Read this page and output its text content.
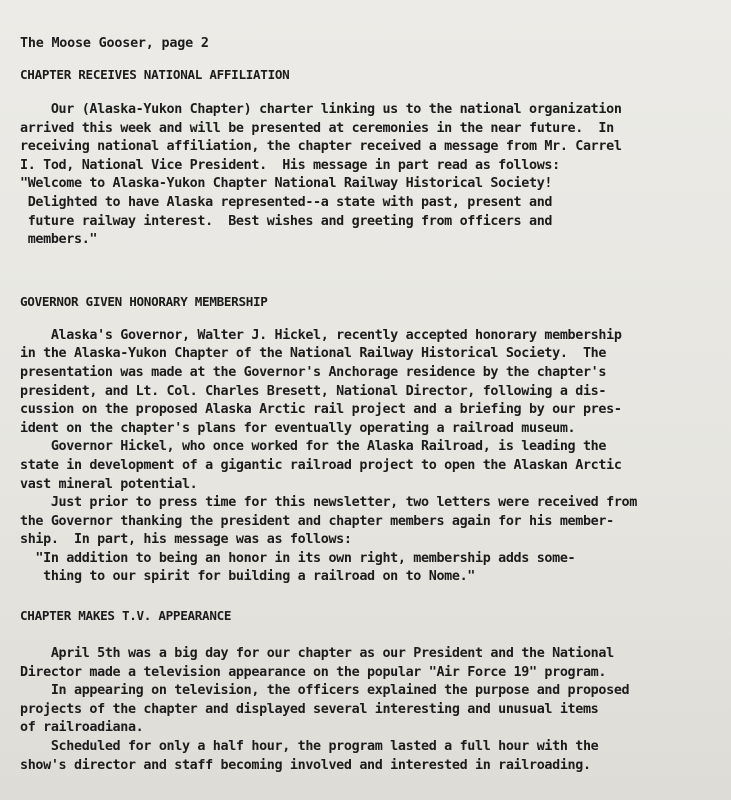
The Moose Gooser, page 2

CHAPTER RECEIVES NATIONAL AFFILIATION

Our (Alaska-Yukon Chapter) charter linking us to the national organization

arrived this week and will be presented at ceremonies in the near future.  In

receiving national affiliation, the chapter received a message from Mr. Carrel

I. Tod, National Vice President.  His message in part read as follows:

"Welcome to Alaska-Yukon Chapter National Railway Historical Society!

Delighted to have Alaska represented--a state with past, present and

future railway interest.  Best wishes and greeting from officers and

members."

GOVERNOR GIVEN HONORARY MEMBERSHIP

Alaska's Governor, Walter J. Hickel, recently accepted honorary membership

in the Alaska-Yukon Chapter of the National Railway Historical Society.  The

presentation was made at the Governor's Anchorage residence by the chapter's

president, and Lt. Col. Charles Bresett, National Director, following a dis-

cussion on the proposed Alaska Arctic rail project and a briefing by our pres-

ident on the chapter's plans for eventually operating a railroad museum.

Governor Hickel, who once worked for the Alaska Railroad, is leading the

state in development of a gigantic railroad project to open the Alaskan Arctic

vast mineral potential.

Just prior to press time for this newsletter, two letters were received from

the Governor thanking the president and chapter members again for his member-

ship.  In part, his message was as follows:

"In addition to being an honor in its own right, membership adds some-

thing to our spirit for building a railroad on to Nome."

CHAPTER MAKES T.V. APPEARANCE

April 5th was a big day for our chapter as our President and the National

Director made a television appearance on the popular "Air Force 19" program.

In appearing on television, the officers explained the purpose and proposed

projects of the chapter and displayed several interesting and unusual items

of railroadiana.

Scheduled for only a half hour, the program lasted a full hour with the

show's director and staff becoming involved and interested in railroading.
